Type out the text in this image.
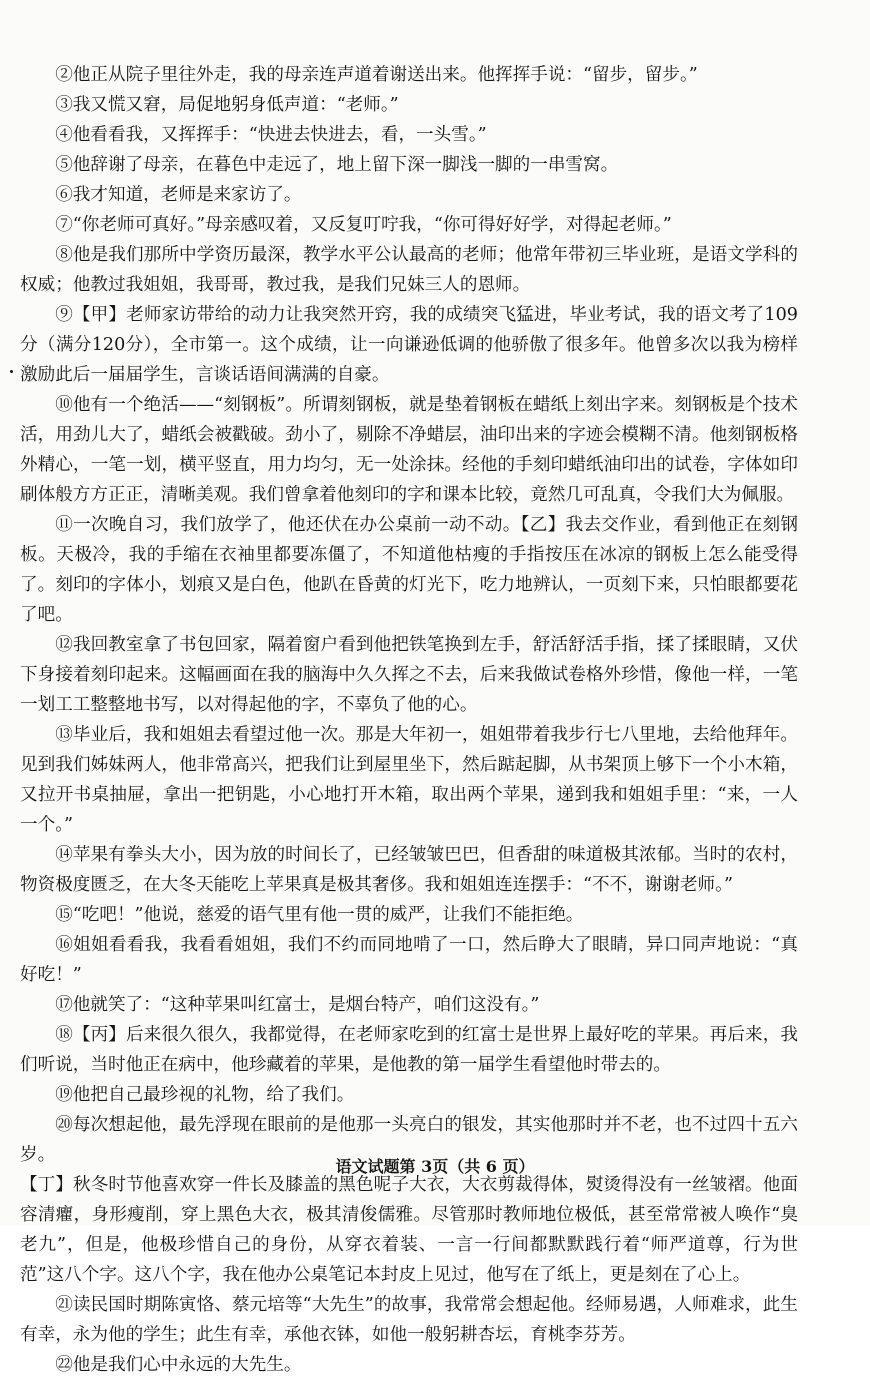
②他正从院子里往外走，我的母亲连声道着谢送出来。他挥挥手说：“留步，留步。”

③我又慌又窘，局促地躬身低声道：“老师。”

④他看看我，又挥挥手：“快进去快进去，看，一头雪。”

⑤他辞谢了母亲，在暮色中走远了，地上留下深一脚浅一脚的一串雪窝。

⑥我才知道，老师是来家访了。

⑦“你老师可真好。”母亲感叹着，又反复叮咛我，“你可得好好学，对得起老师。”

⑧他是我们那所中学资历最深，教学水平公认最高的老师；他常年带初三毕业班，是语文学科的权威；他教过我姐姐，我哥哥，教过我，是我们兄妹三人的恩师。

⑨【甲】老师家访带给的动力让我突然开窍，我的成绩突飞猛进，毕业考试，我的语文考了109分（满分120分），全市第一。这个成绩，让一向谦逊低调的他骄傲了很多年。他曾多次以我为榜样激励此后一届届学生，言谈话语间满满的自豪。

⑩他有一个绝活——“刻钢板”。所谓刻钢板，就是垫着钢板在蜡纸上刻出字来。刻钢板是个技术活，用劲儿大了，蜡纸会被戳破。劲小了，剔除不净蜡层，油印出来的字迹会模糊不清。他刻钢板格外精心，一笔一划，横平竖直，用力均匀，无一处涂抹。经他的手刻印蜡纸油印出的试卷，字体如印刷体般方方正正，清晰美观。我们曾拿着他刻印的字和课本比较，竟然几可乱真，令我们大为佩服。

⑪一次晚自习，我们放学了，他还伏在办公桌前一动不动。【乙】我去交作业，看到他正在刻钢板。天极冷，我的手缩在衣袖里都要冻僵了，不知道他枯瘦的手指按压在冰凉的钢板上怎么能受得了。刻印的字体小，划痕又是白色，他趴在昏黄的灯光下，吃力地辨认，一页刻下来，只怕眼都要花了吧。

⑫我回教室拿了书包回家，隔着窗户看到他把铁笔换到左手，舒活舒活手指，揉了揉眼睛，又伏下身接着刻印起来。这幅画面在我的脑海中久久挥之不去，后来我做试卷格外珍惜，像他一样，一笔一划工工整整地书写，以对得起他的字，不辜负了他的心。

⑬毕业后，我和姐姐去看望过他一次。那是大年初一，姐姐带着我步行七八里地，去给他拜年。见到我们姊妹两人，他非常高兴，把我们让到屋里坐下，然后踮起脚，从书架顶上够下一个小木箱，又拉开书桌抽屉，拿出一把钥匙，小心地打开木箱，取出两个苹果，递到我和姐姐手里：“来，一人一个。”

⑭苹果有拳头大小，因为放的时间长了，已经皱皱巴巴，但香甜的味道极其浓郁。当时的农村，物资极度匮乏，在大冬天能吃上苹果真是极其奢侈。我和姐姐连连摆手：“不不，谢谢老师。”

⑮“吃吧！”他说，慈爱的语气里有他一贯的威严，让我们不能拒绝。

⑯姐姐看看我，我看看姐姐，我们不约而同地啃了一口，然后睁大了眼睛，异口同声地说：“真好吃！”

⑰他就笑了：“这种苹果叫红富士，是烟台特产，咱们这没有。”

⑱【丙】后来很久很久，我都觉得，在老师家吃到的红富士是世界上最好吃的苹果。再后来，我们听说，当时他正在病中，他珍藏着的苹果，是他教的第一届学生看望他时带去的。

⑲他把自己最珍视的礼物，给了我们。

⑳每次想起他，最先浮现在眼前的是他那一头亮白的银发，其实他那时并不老，也不过四十五六岁。

【丁】秋冬时节他喜欢穿一件长及膝盖的黑色呢子大衣，大衣剪裁得体，熨烫得没有一丝皱褶。他面容清癯，身形瘦削，穿上黑色大衣，极其清俊儒雅。尽管那时教师地位极低，甚至常常被人唤作“臭老九”，但是，他极珍惜自己的身份，从穿衣着装、一言一行间都默默践行着“师严道尊，行为世范”这八个字。这八个字，我在他办公桌笔记本封皮上见过，他写在了纸上，更是刻在了心上。

㉑读民国时期陈寅恪、蔡元培等“大先生”的故事，我常常会想起他。经师易遇，人师难求，此生有幸，永为他的学生；此生有幸，承他衣钵，如他一般躬耕杏坛，育桃李芬芳。

㉒他是我们心中永远的大先生。

语文试题第 3页（共 6 页）
